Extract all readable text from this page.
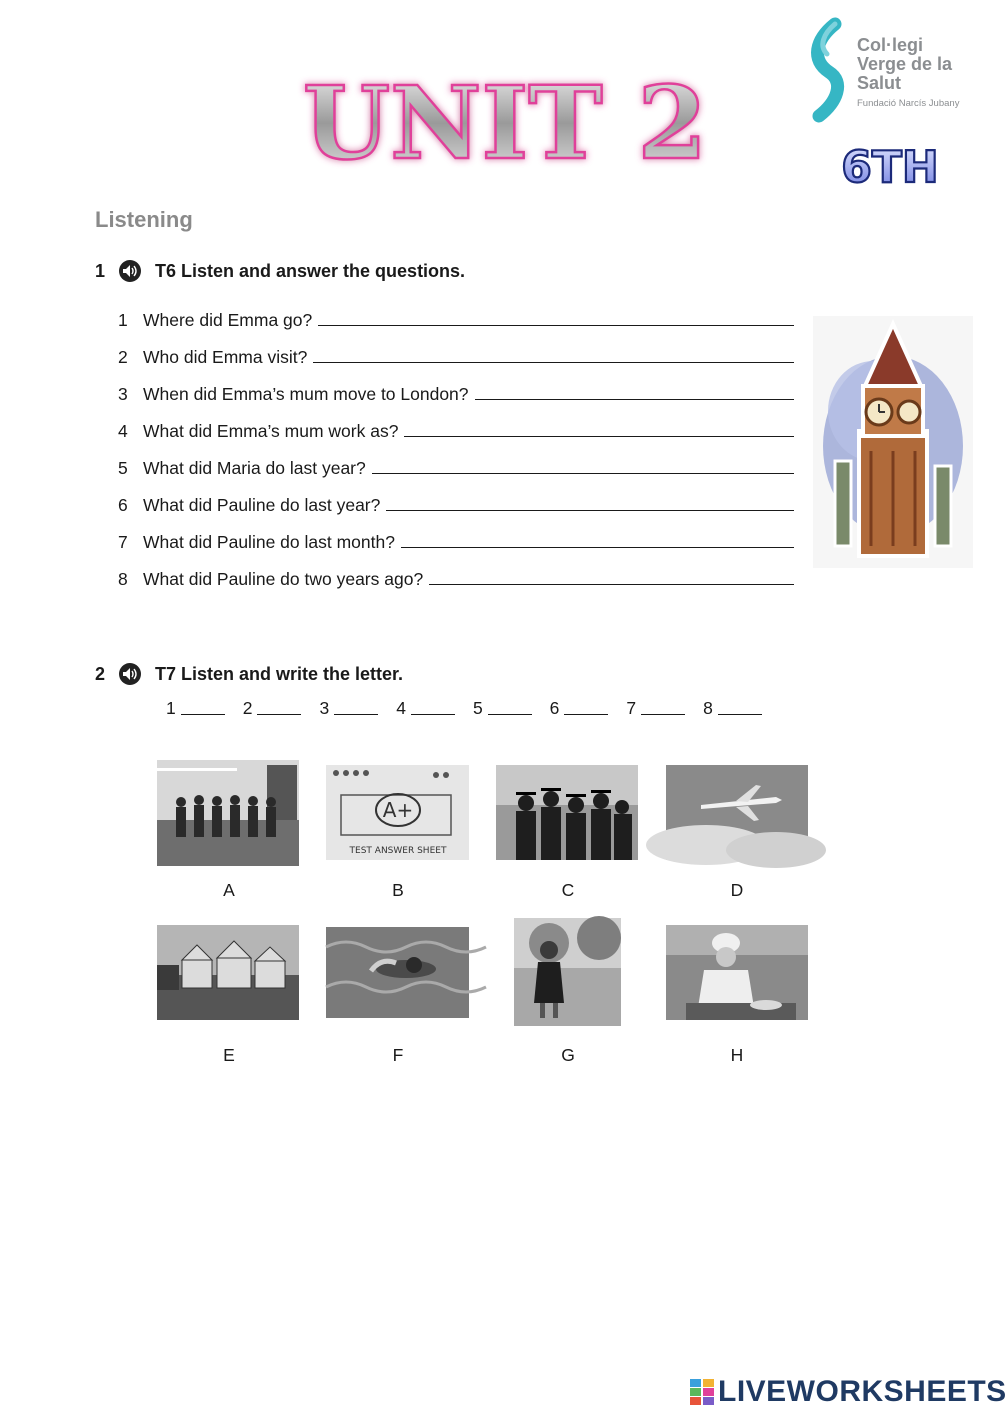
UNIT 2
Col·legi
Verge de la
Salut
Fundació Narcís Jubany
6TH
Listening
1	T6 Listen and answer the questions.
1 Where did Emma go?
2 Who did Emma visit?
3 When did Emma’s mum move to London?
4 What did Emma’s mum work as?
5 What did Maria do last year?
6 What did Pauline do last year?
7 What did Pauline do last month?
8 What did Pauline do two years ago?
2	T7 Listen and write the letter.
1	2	3	4	5	6	7	8
A+
TEST ANSWER SHEET
A	B	C	D
E	F	G	H
LIVEWORKSHEETS
